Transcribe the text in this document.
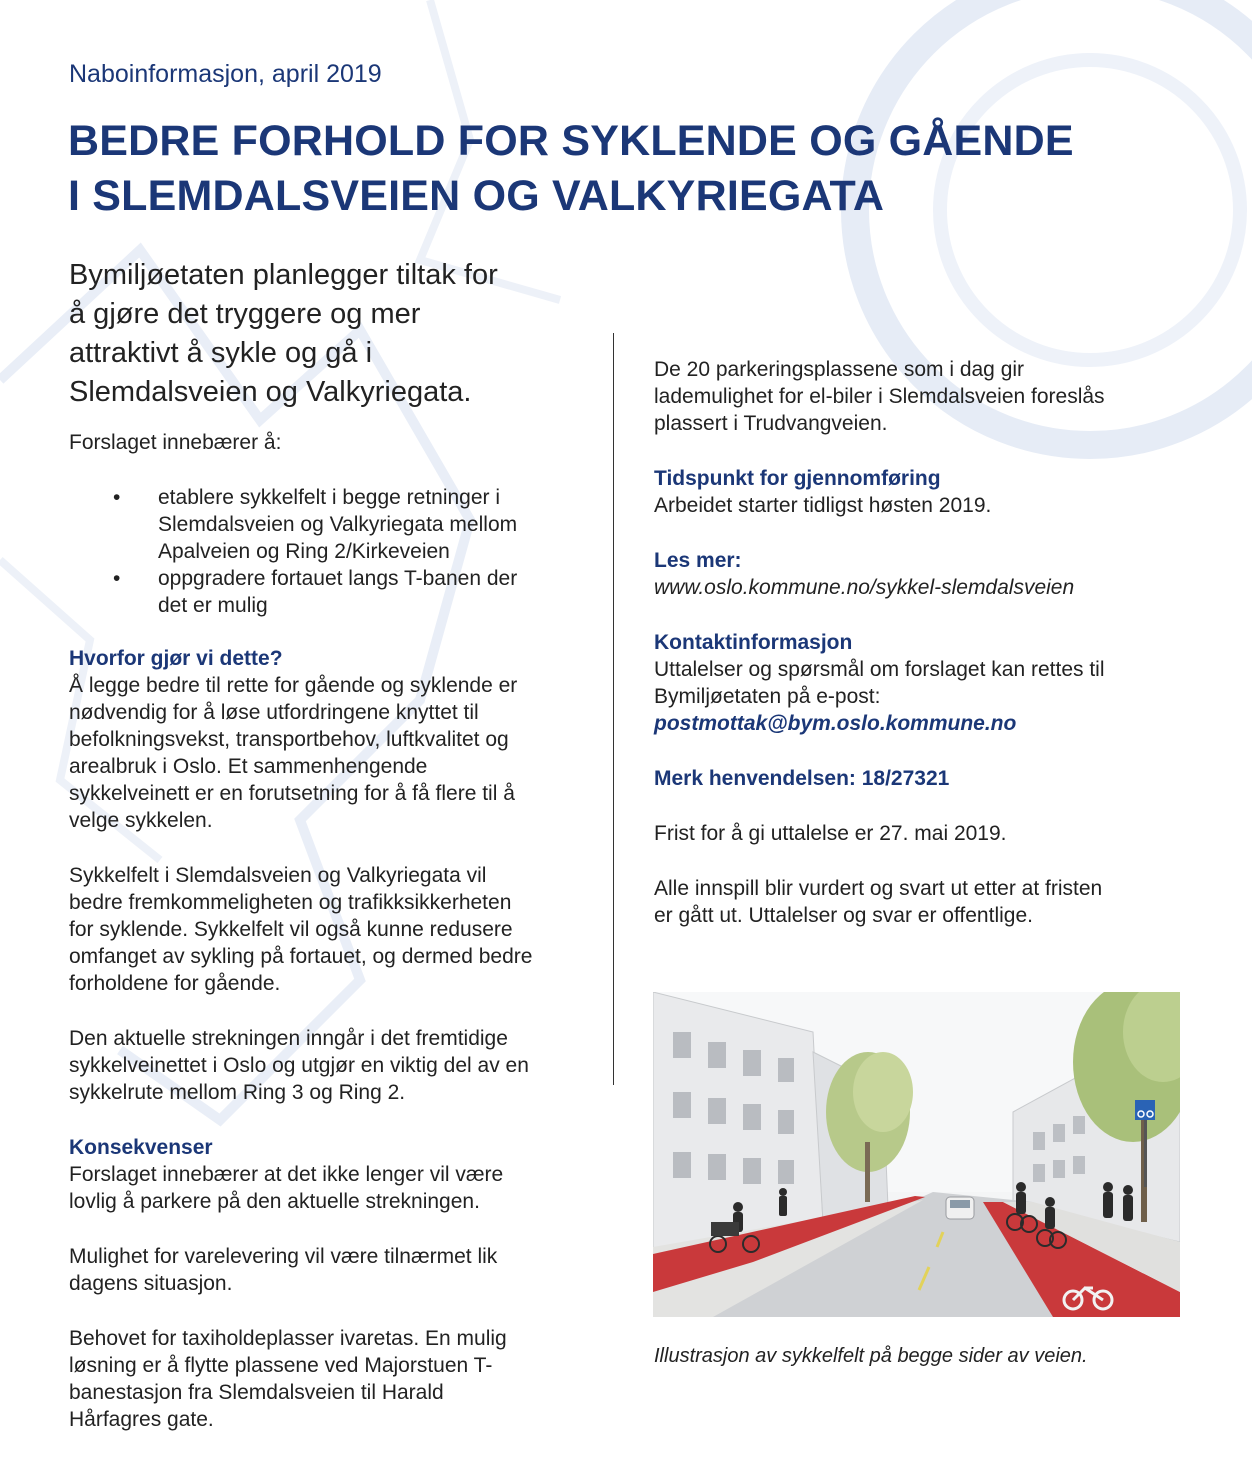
Naboinformasjon, april 2019

BEDRE FORHOLD FOR SYKLENDE OG GÅENDE
I SLEMDALSVEIEN OG VALKYRIEGATA

Bymiljøetaten planlegger tiltak for
å gjøre det tryggere og mer
attraktivt å sykle og gå i
Slemdalsveien og Valkyriegata.

Forslaget innebærer å:

• etablere sykkelfelt i begge retninger i
Slemdalsveien og Valkyriegata mellom
Apalveien og Ring 2/Kirkeveien
• oppgradere fortauet langs T-banen der
det er mulig

Hvorfor gjør vi dette?

Å legge bedre til rette for gående og syklende er
nødvendig for å løse utfordringene knyttet til
befolkningsvekst, transportbehov, luftkvalitet og
arealbruk i Oslo. Et sammenhengende
sykkelveinett er en forutsetning for å få flere til å
velge sykkelen.

Sykkelfelt i Slemdalsveien og Valkyriegata vil
bedre fremkommeligheten og trafikksikkerheten
for syklende. Sykkelfelt vil også kunne redusere
omfanget av sykling på fortauet, og dermed bedre
forholdene for gående.

Den aktuelle strekningen inngår i det fremtidige
sykkelveinettet i Oslo og utgjør en viktig del av en
sykkelrute mellom Ring 3 og Ring 2.

Konsekvenser

Forslaget innebærer at det ikke lenger vil være
lovlig å parkere på den aktuelle strekningen.

Mulighet for varelevering vil være tilnærmet lik
dagens situasjon.

Behovet for taxiholdeplasser ivaretas. En mulig
løsning er å flytte plassene ved Majorstuen T-
banestasjon fra Slemdalsveien til Harald
Hårfagres gate.

De 20 parkeringsplassene som i dag gir
lademulighet for el-biler i Slemdalsveien foreslås
plassert i Trudvangveien.

Tidspunkt for gjennomføring

Arbeidet starter tidligst høsten 2019.

Les mer:

www.oslo.kommune.no/sykkel-slemdalsveien

Kontaktinformasjon

Uttalelser og spørsmål om forslaget kan rettes til
Bymiljøetaten på e-post:

postmottak@bym.oslo.kommune.no

Merk henvendelsen: 18/27321

Frist for å gi uttalelse er 27. mai 2019.

Alle innspill blir vurdert og svart ut etter at fristen
er gått ut. Uttalelser og svar er offentlige.

Illustrasjon av sykkelfelt på begge sider av veien.
